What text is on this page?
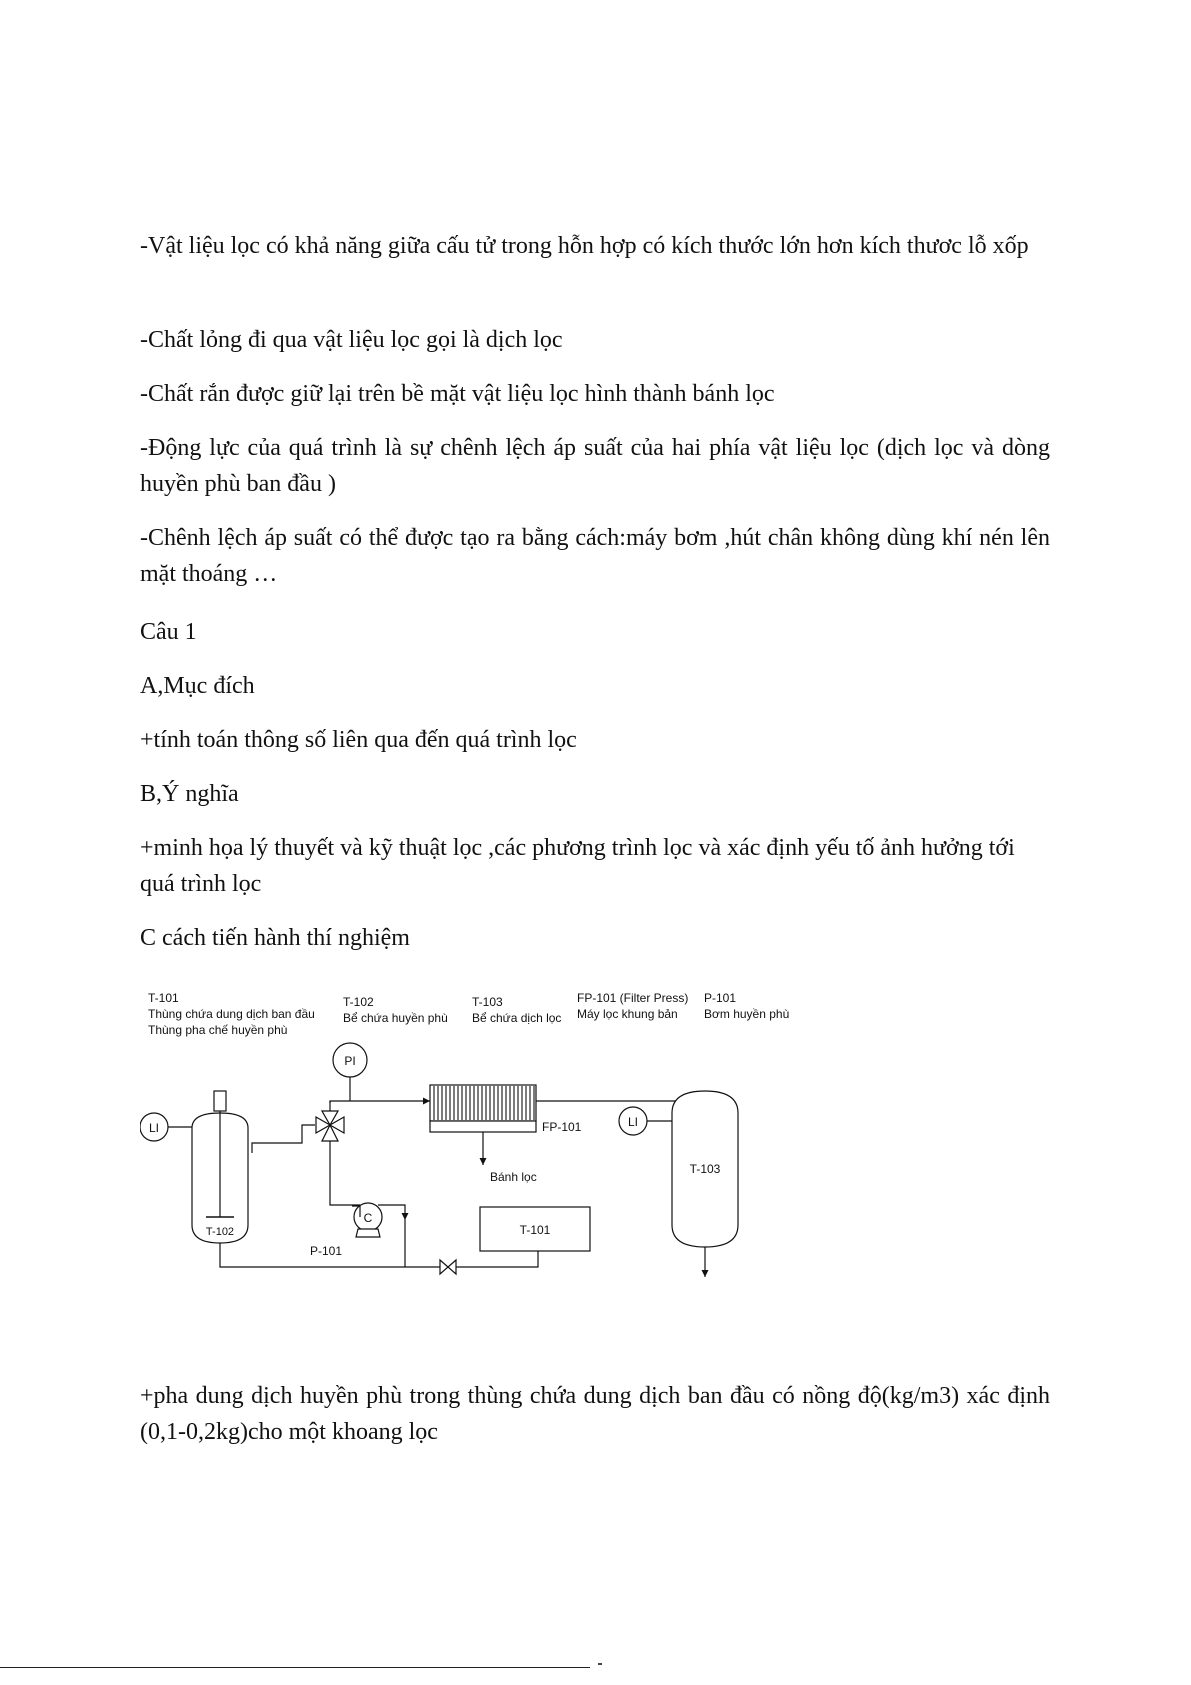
-Vật liệu lọc có khả năng giữa cấu tử trong hỗn hợp có kích thước lớn hơn kích thươc lỗ xốp

-Chất lỏng đi qua vật liệu lọc gọi là dịch lọc

-Chất rắn được giữ lại trên bề mặt vật liệu lọc hình thành bánh lọc

-Động lực của quá trình là sự chênh lệch áp suất của hai phía vật liệu lọc (dịch lọc và dòng huyền phù ban đầu )

-Chênh lệch áp suất có thể được tạo ra bằng cách:máy bơm ,hút chân không dùng khí nén lên mặt thoáng …

Câu 1

A,Mục đích

+tính toán thông số liên qua đến quá trình lọc

B,Ý nghĩa

+minh họa lý thuyết và kỹ thuật lọc ,các phương trình lọc và xác định yếu tố ảnh hưởng tới quá trình lọc

C cách tiến hành thí nghiệm

T-101
Thùng chứa dung dịch ban đầu
Thùng pha chế huyền phù
T-102
Bể chứa huyền phù
T-103
Bể chứa dịch lọc
FP-101 (Filter Press)
Máy lọc khung bản
P-101
Bơm huyền phù
PI
FP-101
Bánh lọc
T-102
LI
C
P-101
T-101
LI
T-103

+pha dung dịch huyền phù trong thùng chứa dung dịch ban đầu có nồng độ(kg/m3) xác định (0,1-0,2kg)cho một khoang lọc
